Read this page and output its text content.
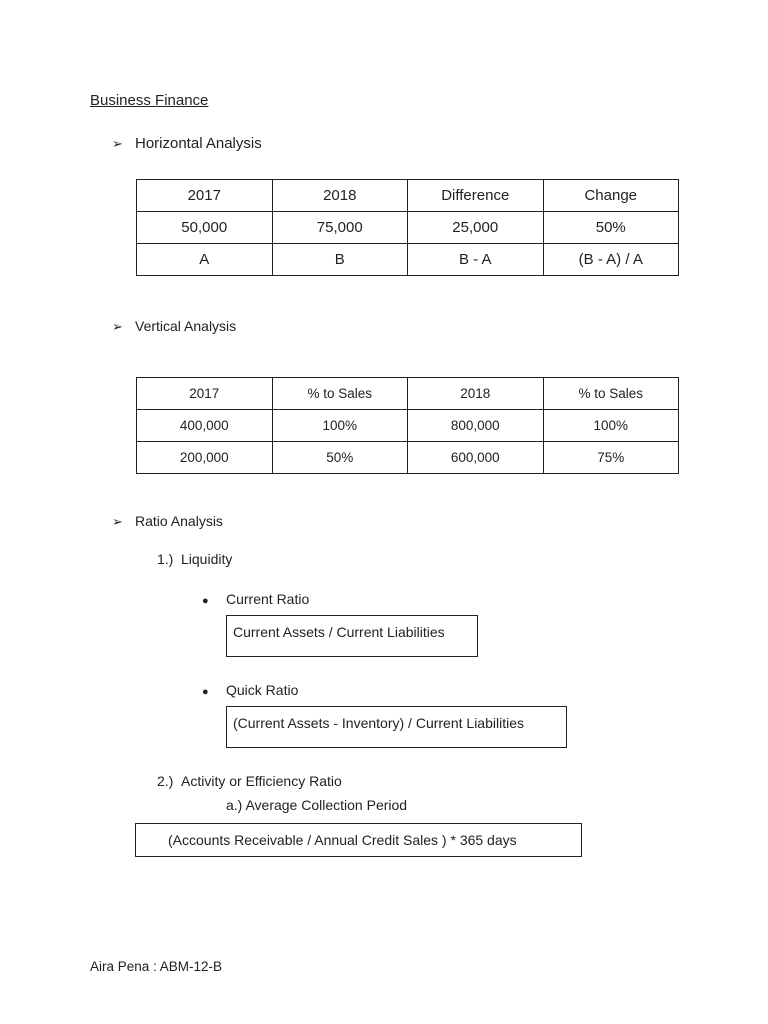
Business Finance
➢ Horizontal Analysis
2017	2018	Difference	Change
50,000	75,000	25,000	50%
A	B	B - A	(B - A) / A
➢ Vertical Analysis
2017	% to Sales	2018	% to Sales
400,000	100%	800,000	100%
200,000	50%	600,000	75%
➢ Ratio Analysis
1.) Liquidity
● Current Ratio
Current Assets / Current Liabilities
● Quick Ratio
(Current Assets - Inventory) / Current Liabilities
2.) Activity or Efficiency Ratio
a.) Average Collection Period
(Accounts Receivable / Annual Credit Sales ) * 365 days
Aira Pena : ABM-12-B
